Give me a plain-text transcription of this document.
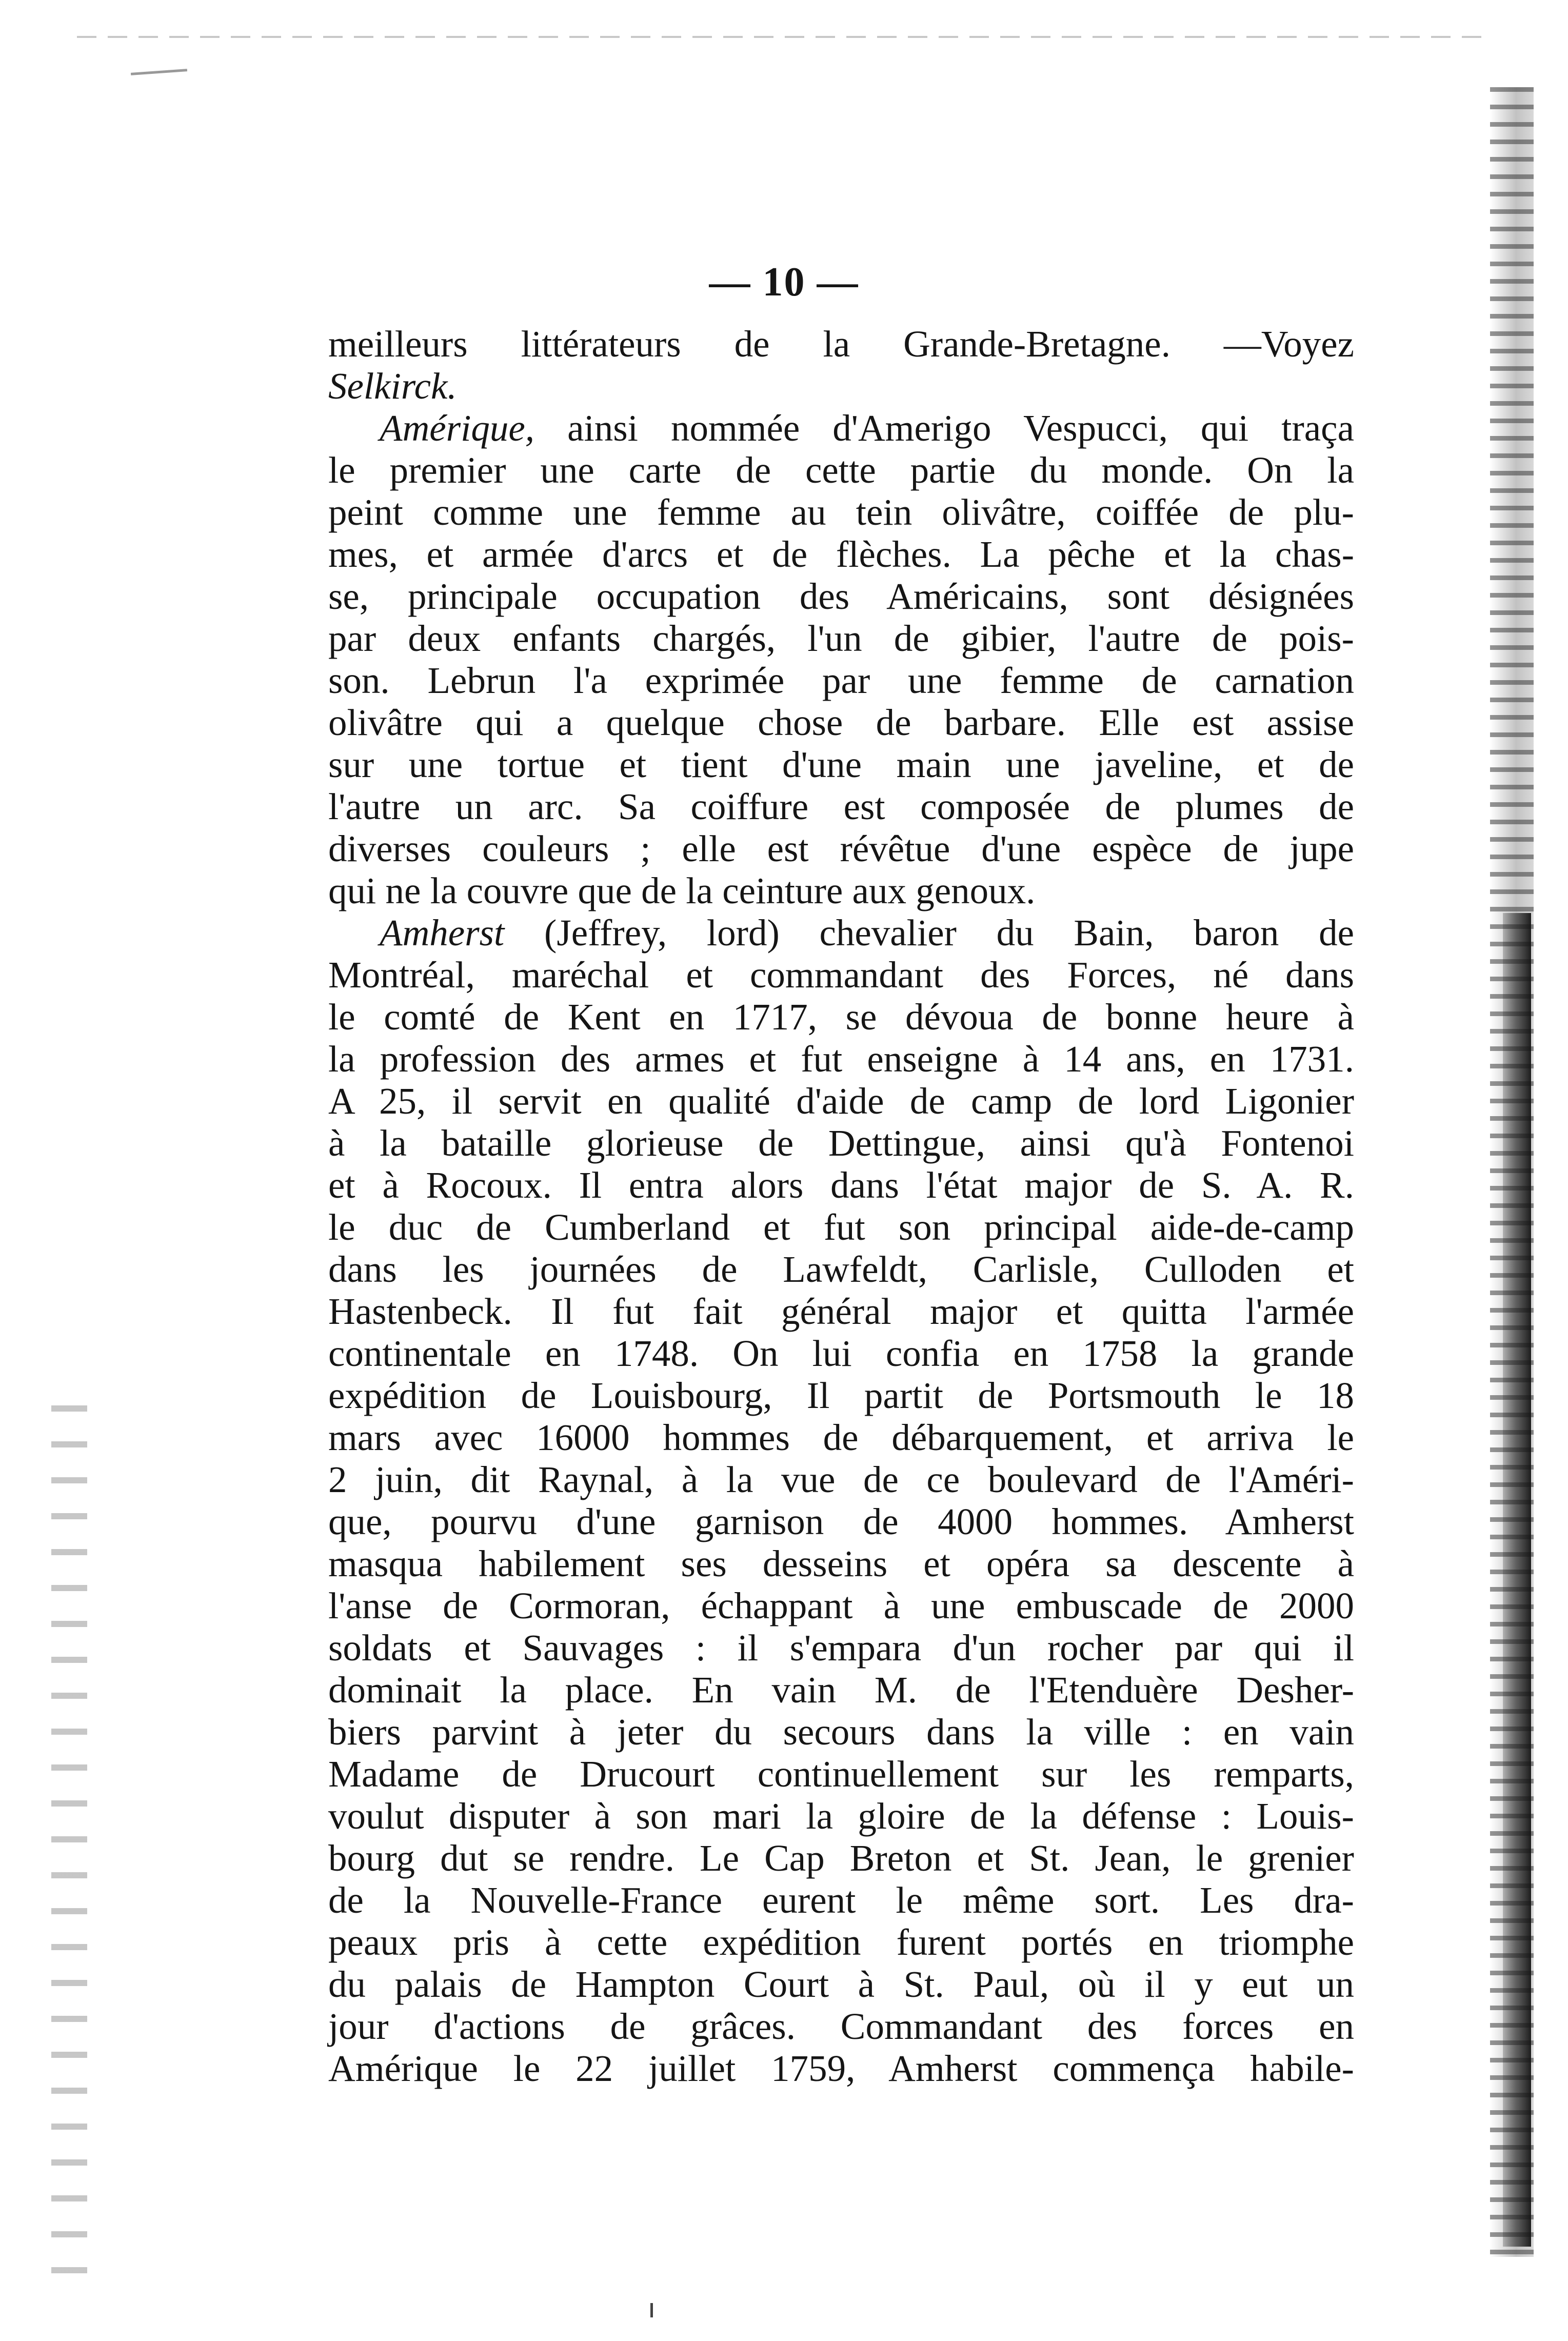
— 10 —
meilleurs littérateurs de la Grande-Bretagne. —Voyez
Selkirck.
Amérique, ainsi nommée d'Amerigo Vespucci, qui traça
le premier une carte de cette partie du monde. On la
peint comme une femme au tein olivâtre, coiffée de plu-
mes, et armée d'arcs et de flèches. La pêche et la chas-
se, principale occupation des Américains, sont désignées
par deux enfants chargés, l'un de gibier, l'autre de pois-
son. Lebrun l'a exprimée par une femme de carnation
olivâtre qui a quelque chose de barbare. Elle est assise
sur une tortue et tient d'une main une javeline, et de
l'autre un arc. Sa coiffure est composée de plumes de
diverses couleurs ; elle est révêtue d'une espèce de jupe
qui ne la couvre que de la ceinture aux genoux.
Amherst (Jeffrey, lord) chevalier du Bain, baron de
Montréal, maréchal et commandant des Forces, né dans
le comté de Kent en 1717, se dévoua de bonne heure à
la profession des armes et fut enseigne à 14 ans, en 1731.
A 25, il servit en qualité d'aide de camp de lord Ligonier
à la bataille glorieuse de Dettingue, ainsi qu'à Fontenoi
et à Rocoux. Il entra alors dans l'état major de S. A. R.
le duc de Cumberland et fut son principal aide-de-camp
dans les journées de Lawfeldt, Carlisle, Culloden et
Hastenbeck. Il fut fait général major et quitta l'armée
continentale en 1748. On lui confia en 1758 la grande
expédition de Louisbourg, Il partit de Portsmouth le 18
mars avec 16000 hommes de débarquement, et arriva le
2 juin, dit Raynal, à la vue de ce boulevard de l'Améri-
que, pourvu d'une garnison de 4000 hommes. Amherst
masqua habilement ses desseins et opéra sa descente à
l'anse de Cormoran, échappant à une embuscade de 2000
soldats et Sauvages : il s'empara d'un rocher par qui il
dominait la place. En vain M. de l'Etenduère Desher-
biers parvint à jeter du secours dans la ville : en vain
Madame de Drucourt continuellement sur les remparts,
voulut disputer à son mari la gloire de la défense : Louis-
bourg dut se rendre. Le Cap Breton et St. Jean, le grenier
de la Nouvelle-France eurent le même sort. Les dra-
peaux pris à cette expédition furent portés en triomphe
du palais de Hampton Court à St. Paul, où il y eut un
jour d'actions de grâces. Commandant des forces en
Amérique le 22 juillet 1759, Amherst commença habile-
